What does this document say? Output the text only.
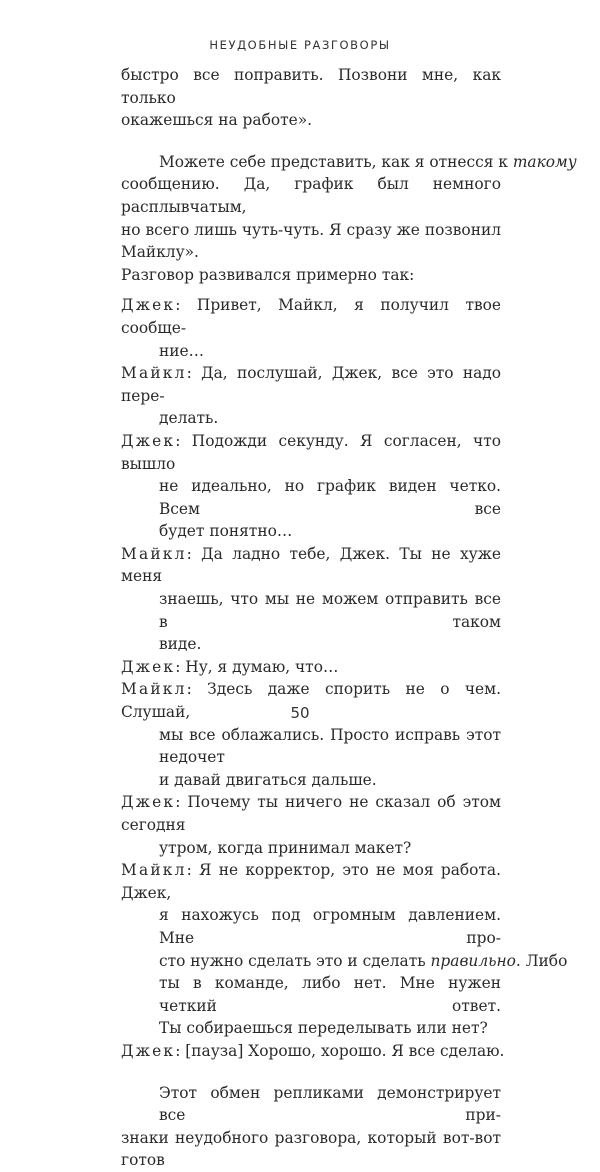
НЕУДОБНЫЕ РАЗГОВОРЫ
быстро все поправить. Позвони мне, как только
окажешься на работе».
Можете себе представить, как я отнесся к такому
сообщению. Да, график был немного расплывчатым,
но всего лишь чуть-чуть. Я сразу же позвонил Майклу».
Разговор развивался примерно так:
Джек: Привет, Майкл, я получил твое сообще-
ние…
Майкл: Да, послушай, Джек, все это надо пере-
делать.
Джек: Подожди секунду. Я согласен, что вышло
не идеально, но график виден четко. Всем все
будет понятно…
Майкл: Да ладно тебе, Джек. Ты не хуже меня
знаешь, что мы не можем отправить все в таком
виде.
Джек: Ну, я думаю, что…
Майкл: Здесь даже спорить не о чем. Слушай,
мы все облажались. Просто исправь этот недочет
и давай двигаться дальше.
Джек: Почему ты ничего не сказал об этом сегодня
утром, когда принимал макет?
Майкл: Я не корректор, это не моя работа. Джек,
я нахожусь под огромным давлением. Мне про-
сто нужно сделать это и сделать правильно. Либо
ты в команде, либо нет. Мне нужен четкий ответ.
Ты собираешься переделывать или нет?
Джек: [пауза] Хорошо, хорошо. Я все сделаю.
Этот обмен репликами демонстрирует все при-
знаки неудобного разговора, который вот-вот готов
50
